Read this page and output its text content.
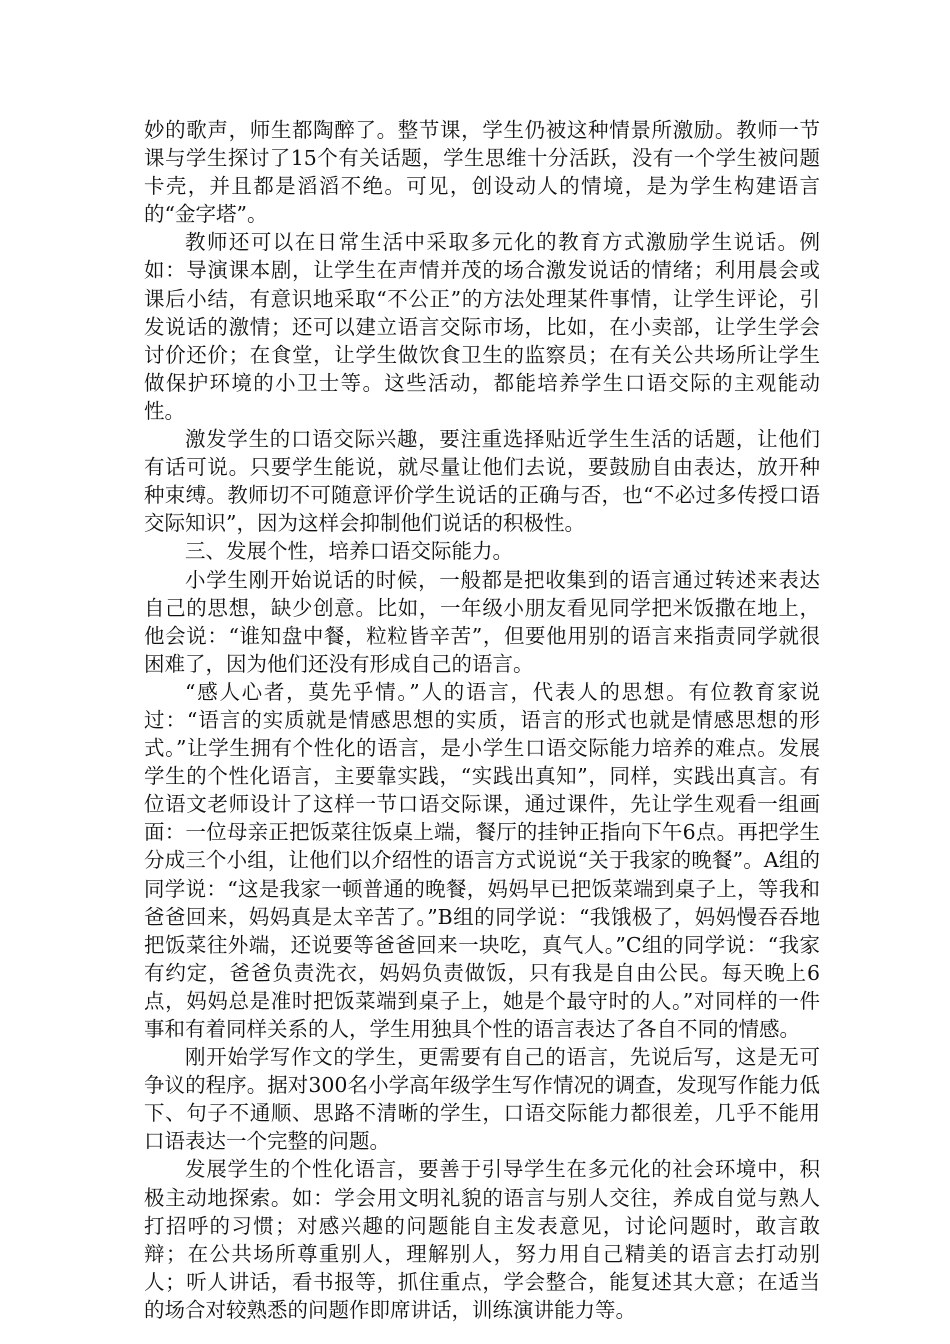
妙的歌声，师生都陶醉了。整节课，学生仍被这种情景所激励。教师一节课与学生探讨了15个有关话题，学生思维十分活跃，没有一个学生被问题卡壳，并且都是滔滔不绝。可见，创设动人的情境，是为学生构建语言的“金字塔”。

教师还可以在日常生活中采取多元化的教育方式激励学生说话。例如：导演课本剧，让学生在声情并茂的场合激发说话的情绪；利用晨会或课后小结，有意识地采取“不公正”的方法处理某件事情，让学生评论，引发说话的激情；还可以建立语言交际市场，比如，在小卖部，让学生学会讨价还价；在食堂，让学生做饮食卫生的监察员；在有关公共场所让学生做保护环境的小卫士等。这些活动，都能培养学生口语交际的主观能动性。

激发学生的口语交际兴趣，要注重选择贴近学生生活的话题，让他们有话可说。只要学生能说，就尽量让他们去说，要鼓励自由表达，放开种种束缚。教师切不可随意评价学生说话的正确与否，也“不必过多传授口语交际知识”，因为这样会抑制他们说话的积极性。

三、发展个性，培养口语交际能力。

小学生刚开始说话的时候，一般都是把收集到的语言通过转述来表达自己的思想，缺少创意。比如，一年级小朋友看见同学把米饭撒在地上，他会说：“谁知盘中餐，粒粒皆辛苦”，但要他用别的语言来指责同学就很困难了，因为他们还没有形成自己的语言。

“感人心者，莫先乎情。”人的语言，代表人的思想。有位教育家说过：“语言的实质就是情感思想的实质，语言的形式也就是情感思想的形式。”让学生拥有个性化的语言，是小学生口语交际能力培养的难点。发展学生的个性化语言，主要靠实践，“实践出真知”，同样，实践出真言。有位语文老师设计了这样一节口语交际课，通过课件，先让学生观看一组画面：一位母亲正把饭菜往饭桌上端，餐厅的挂钟正指向下午6点。再把学生分成三个小组，让他们以介绍性的语言方式说说“关于我家的晚餐”。A组的同学说：“这是我家一顿普通的晚餐，妈妈早已把饭菜端到桌子上，等我和爸爸回来，妈妈真是太辛苦了。”B组的同学说：“我饿极了，妈妈慢吞吞地把饭菜往外端，还说要等爸爸回来一块吃，真气人。”C组的同学说：“我家有约定，爸爸负责洗衣，妈妈负责做饭，只有我是自由公民。每天晚上6点，妈妈总是准时把饭菜端到桌子上，她是个最守时的人。”对同样的一件事和有着同样关系的人，学生用独具个性的语言表达了各自不同的情感。

刚开始学写作文的学生，更需要有自己的语言，先说后写，这是无可争议的程序。据对300名小学高年级学生写作情况的调查，发现写作能力低下、句子不通顺、思路不清晰的学生，口语交际能力都很差，几乎不能用口语表达一个完整的问题。

发展学生的个性化语言，要善于引导学生在多元化的社会环境中，积极主动地探索。如：学会用文明礼貌的语言与别人交往，养成自觉与熟人打招呼的习惯；对感兴趣的问题能自主发表意见，讨论问题时，敢言敢辩；在公共场所尊重别人，理解别人，努力用自己精美的语言去打动别人；听人讲话，看书报等，抓住重点，学会整合，能复述其大意；在适当的场合对较熟悉的问题作即席讲话，训练演讲能力等。
